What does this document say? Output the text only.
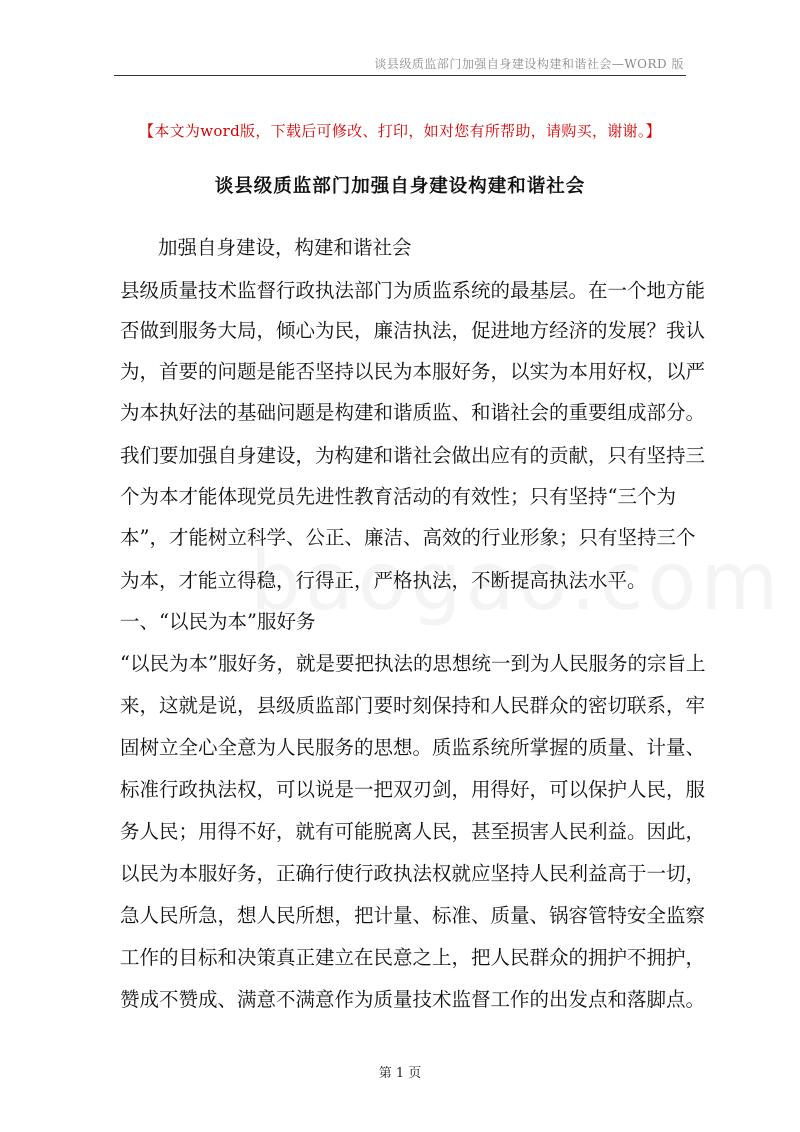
谈县级质监部门加强自身建设构建和谐社会—WORD 版
【本文为word版，下载后可修改、打印，如对您有所帮助，请购买，谢谢。】
谈县级质监部门加强自身建设构建和谐社会
加强自身建设，构建和谐社会
县级质量技术监督行政执法部门为质监系统的最基层。在一个地方能
否做到服务大局，倾心为民，廉洁执法，促进地方经济的发展？我认
为，首要的问题是能否坚持以民为本服好务，以实为本用好权，以严
为本执好法的基础问题是构建和谐质监、和谐社会的重要组成部分。
我们要加强自身建设，为构建和谐社会做出应有的贡献，只有坚持三
个为本才能体现党员先进性教育活动的有效性；只有坚持“三个为
本”，才能树立科学、公正、廉洁、高效的行业形象；只有坚持三个
为本，才能立得稳，行得正，严格执法，不断提高执法水平。
一、“以民为本”服好务
“以民为本”服好务，就是要把执法的思想统一到为人民服务的宗旨上
来，这就是说，县级质监部门要时刻保持和人民群众的密切联系，牢
固树立全心全意为人民服务的思想。质监系统所掌握的质量、计量、
标准行政执法权，可以说是一把双刃剑，用得好，可以保护人民，服
务人民；用得不好，就有可能脱离人民，甚至损害人民利益。因此，
以民为本服好务，正确行使行政执法权就应坚持人民利益高于一切，
急人民所急，想人民所想，把计量、标准、质量、锅容管特安全监察
工作的目标和决策真正建立在民意之上，把人民群众的拥护不拥护，
赞成不赞成、满意不满意作为质量技术监督工作的出发点和落脚点。
第 1 页
